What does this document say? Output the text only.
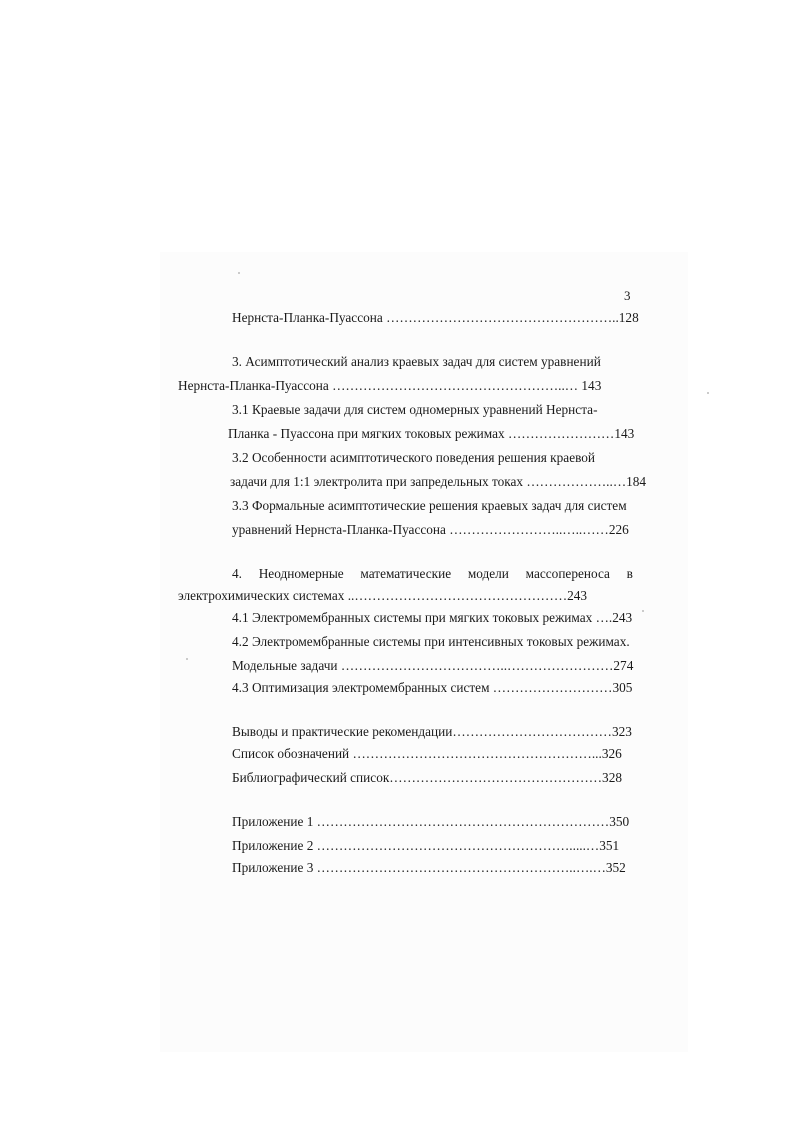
3
Нернста-Планка-Пуассона ……………………………………………..128
3. Асимптотический анализ краевых задач для систем уравнений
Нернста-Планка-Пуассона ……………………………………………..… 143
3.1 Краевые задачи для систем одномерных уравнений Нернста-
Планка - Пуассона при мягких токовых режимах ……………………143
3.2 Особенности асимптотического поведения решения краевой
задачи для 1:1 электролита при запредельных токах ………………..…184
3.3 Формальные асимптотические решения краевых задач для систем
уравнений Нернста-Планка-Пуассона ……………………..…..……226
4. Неодномерные математические модели массопереноса в
электрохимических системах ..…………………………………………243
4.1 Электромембранных системы при мягких токовых режимах ….243
4.2 Электромембранные системы при интенсивных токовых режимах.
Модельные задачи ………………………………..……………………274
4.3 Оптимизация электромембранных систем ………………………305
Выводы и практические рекомендации………………………………323
Список обозначений ………………………………………………...326
Библиографический список…………………………………………328
Приложение 1 …………………………………………………………350
Приложение 2 ………………………………………………….....…351
Приложение 3 …………………………………………………..….…352
